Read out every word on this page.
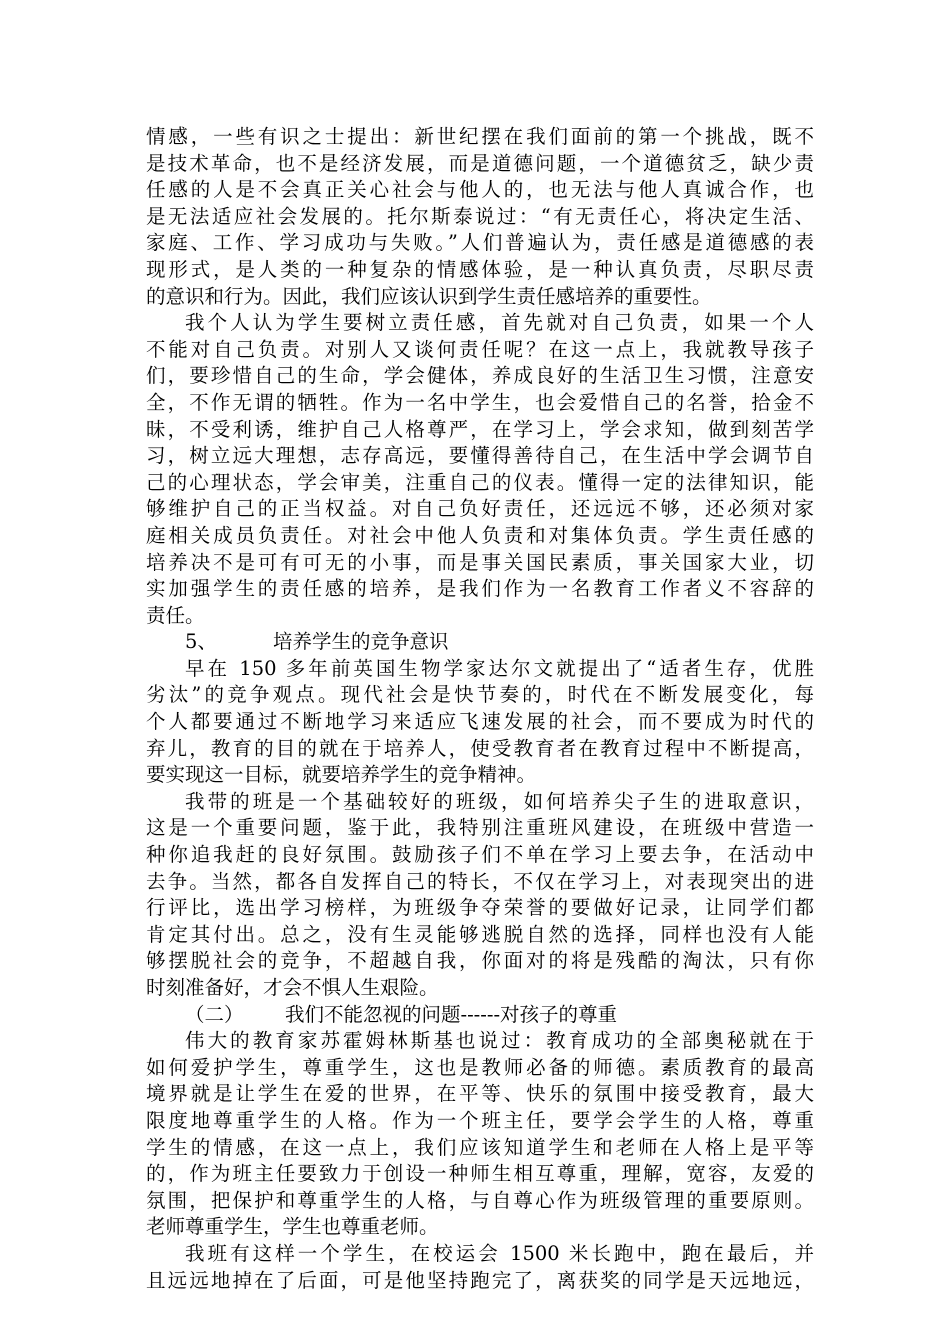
情感，一些有识之士提出：新世纪摆在我们面前的第一个挑战，既不
是技术革命，也不是经济发展，而是道德问题，一个道德贫乏，缺少责
任感的人是不会真正关心社会与他人的，也无法与他人真诚合作，也
是无法适应社会发展的。托尔斯泰说过：“有无责任心，将决定生活、
家庭、工作、学习成功与失败。”人们普遍认为，责任感是道德感的表
现形式，是人类的一种复杂的情感体验，是一种认真负责，尽职尽责
的意识和行为。因此，我们应该认识到学生责任感培养的重要性。
我个人认为学生要树立责任感，首先就对自己负责，如果一个人
不能对自己负责。对别人又谈何责任呢？在这一点上，我就教导孩子
们，要珍惜自己的生命，学会健体，养成良好的生活卫生习惯，注意安
全，不作无谓的牺牲。作为一名中学生，也会爱惜自己的名誉，拾金不
昧，不受利诱，维护自己人格尊严，在学习上，学会求知，做到刻苦学
习，树立远大理想，志存高远，要懂得善待自己，在生活中学会调节自
己的心理状态，学会审美，注重自己的仪表。懂得一定的法律知识，能
够维护自己的正当权益。对自己负好责任，还远远不够，还必须对家
庭相关成员负责任。对社会中他人负责和对集体负责。学生责任感的
培养决不是可有可无的小事，而是事关国民素质，事关国家大业，切
实加强学生的责任感的培养，是我们作为一名教育工作者义不容辞的
责任。
5、	培养学生的竞争意识
早在 150 多年前英国生物学家达尔文就提出了“适者生存，优胜
劣汰”的竞争观点。现代社会是快节奏的，时代在不断发展变化，每
个人都要通过不断地学习来适应飞速发展的社会，而不要成为时代的
弃儿，教育的目的就在于培养人，使受教育者在教育过程中不断提高，
要实现这一目标，就要培养学生的竞争精神。
我带的班是一个基础较好的班级，如何培养尖子生的进取意识，
这是一个重要问题，鉴于此，我特别注重班风建设，在班级中营造一
种你追我赶的良好氛围。鼓励孩子们不单在学习上要去争，在活动中
去争。当然，都各自发挥自己的特长，不仅在学习上，对表现突出的进
行评比，选出学习榜样，为班级争夺荣誉的要做好记录，让同学们都
肯定其付出。总之，没有生灵能够逃脱自然的选择，同样也没有人能
够摆脱社会的竞争，不超越自我，你面对的将是残酷的淘汰，只有你
时刻准备好，才会不惧人生艰险。
（二） 我们不能忽视的问题------对孩子的尊重
伟大的教育家苏霍姆林斯基也说过：教育成功的全部奥秘就在于
如何爱护学生，尊重学生，这也是教师必备的师德。素质教育的最高
境界就是让学生在爱的世界，在平等、快乐的氛围中接受教育，最大
限度地尊重学生的人格。作为一个班主任，要学会学生的人格，尊重
学生的情感，在这一点上，我们应该知道学生和老师在人格上是平等
的，作为班主任要致力于创设一种师生相互尊重，理解，宽容，友爱的
氛围，把保护和尊重学生的人格，与自尊心作为班级管理的重要原则。
老师尊重学生，学生也尊重老师。
我班有这样一个学生，在校运会 1500 米长跑中，跑在最后，并
且远远地掉在了后面，可是他坚持跑完了，离获奖的同学是天远地远，
